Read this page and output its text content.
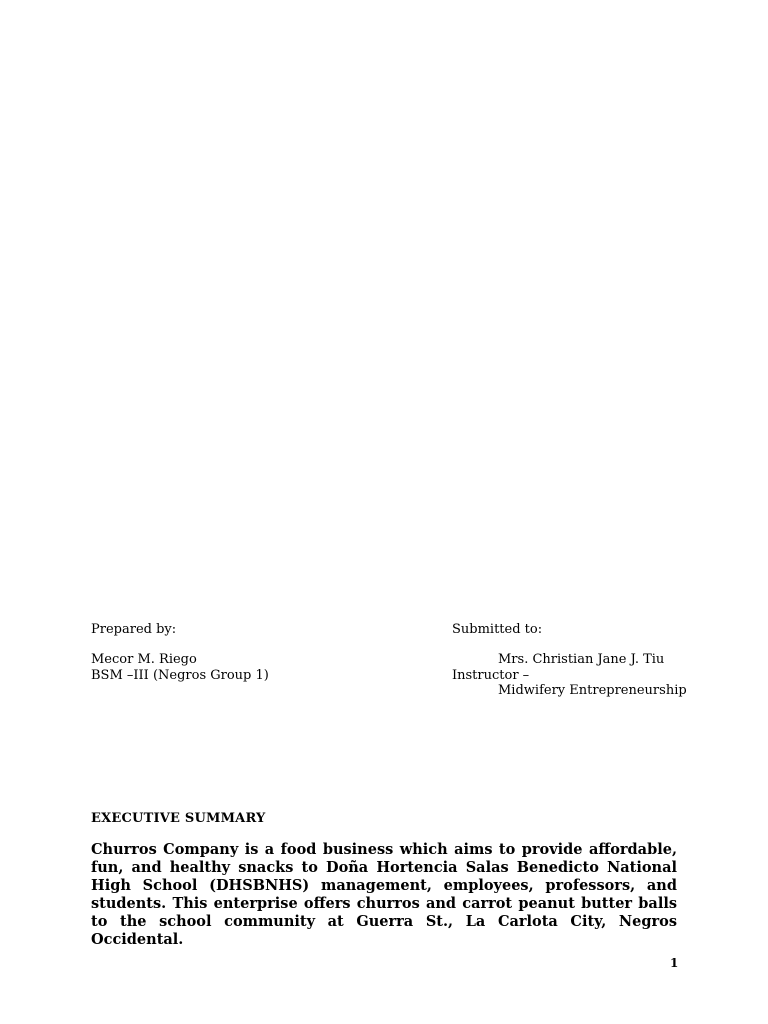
Prepared by:
Mecor M. Riego
BSM –III (Negros Group 1)
Submitted to:
Mrs. Christian Jane J. Tiu
Instructor –
Midwifery Entrepreneurship
EXECUTIVE SUMMARY
Churros Company is a food business which aims to provide affordable, fun, and healthy snacks to Doña Hortencia Salas Benedicto National High School (DHSBNHS) management, employees, professors, and students. This enterprise offers churros and carrot peanut butter balls to the school community at Guerra St., La Carlota City, Negros Occidental.
1
